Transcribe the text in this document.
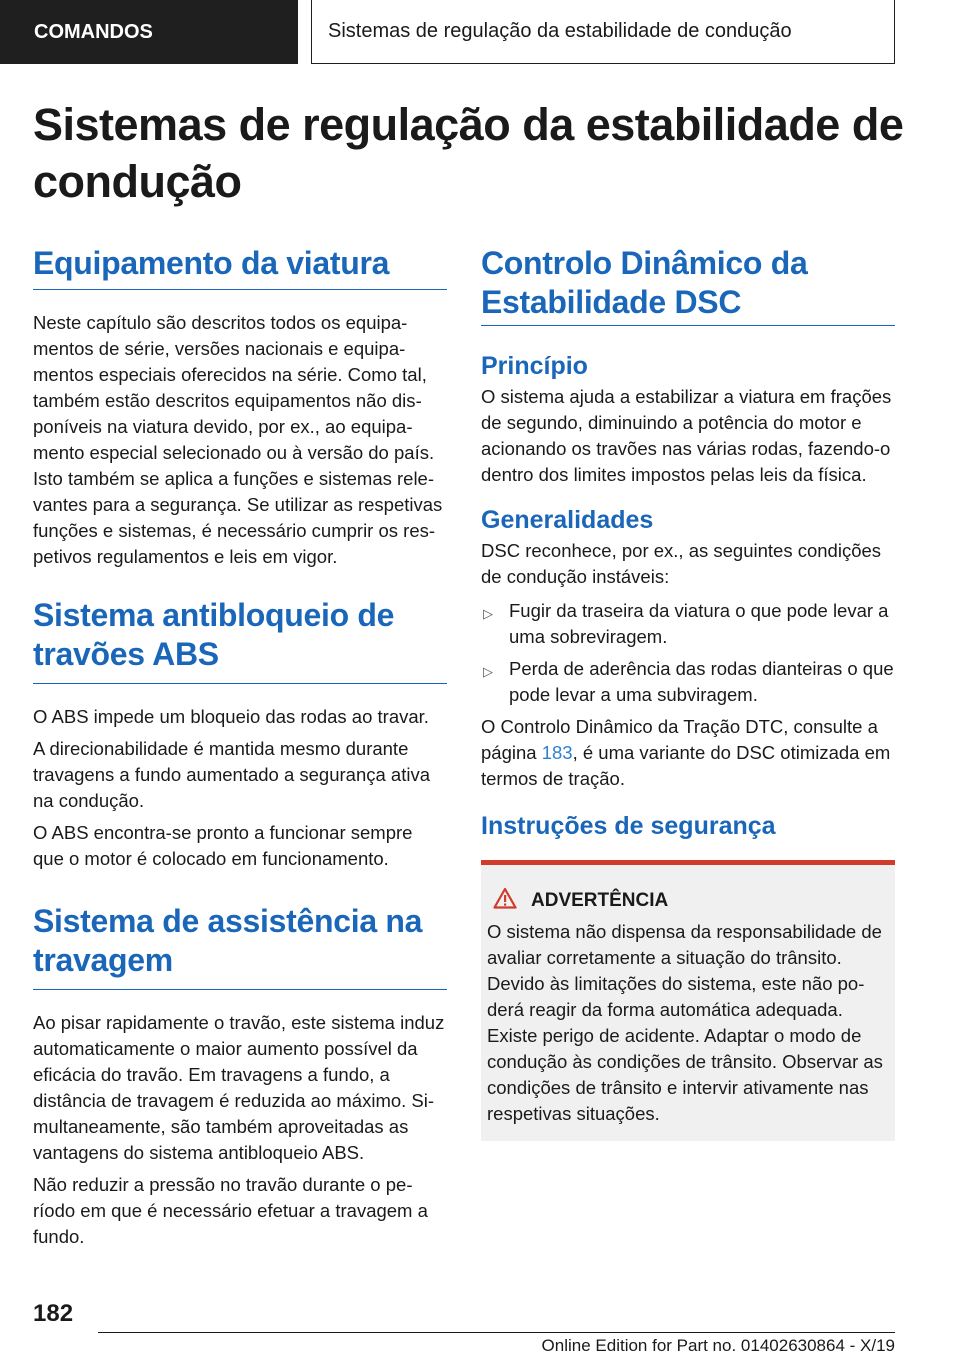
COMANDOS	Sistemas de regulação da estabilidade de condução
Sistemas de regulação da estabilidade de condução
Equipamento da viatura

Neste capítulo são descritos todos os equipamentos de série, versões nacionais e equipamentos especiais oferecidos na série. Como tal, também estão descritos equipamentos não disponíveis na viatura devido, por ex., ao equipamento especial selecionado ou à versão do país. Isto também se aplica a funções e sistemas relevantes para a segurança. Se utilizar as respetivas funções e sistemas, é necessário cumprir os respetivos regulamentos e leis em vigor.

Sistema antibloqueio de travões ABS

O ABS impede um bloqueio das rodas ao travar.

A direcionabilidade é mantida mesmo durante travagens a fundo aumentado a segurança ativa na condução.

O ABS encontra-se pronto a funcionar sempre que o motor é colocado em funcionamento.

Sistema de assistência na travagem

Ao pisar rapidamente o travão, este sistema induz automaticamente o maior aumento possível da eficácia do travão. Em travagens a fundo, a distância de travagem é reduzida ao máximo. Simultaneamente, são também aproveitadas as vantagens do sistema antibloqueio ABS.

Não reduzir a pressão no travão durante o período em que é necessário efetuar a travagem a fundo.

Controlo Dinâmico da Estabilidade DSC
Princípio

O sistema ajuda a estabilizar a viatura em frações de segundo, diminuindo a potência do motor e acionando os travões nas várias rodas, fazendo-o dentro dos limites impostos pelas leis da física.

Generalidades

DSC reconhece, por ex., as seguintes condições de condução instáveis:

▷ Fugir da traseira da viatura o que pode levar a uma sobreviragem.
▷ Perda de aderência das rodas dianteiras o que pode levar a uma subviragem.

O Controlo Dinâmico da Tração DTC, consulte a página 183, é uma variante do DSC otimizada em termos de tração.

Instruções de segurança
ADVERTÊNCIA

O sistema não dispensa da responsabilidade de avaliar corretamente a situação do trânsito. Devido às limitações do sistema, este não poderá reagir da forma automática adequada. Existe perigo de acidente. Adaptar o modo de condução às condições de trânsito. Observar as condições de trânsito e intervir ativamente nas respetivas situações.

182
Online Edition for Part no. 01402630864 - X/19
